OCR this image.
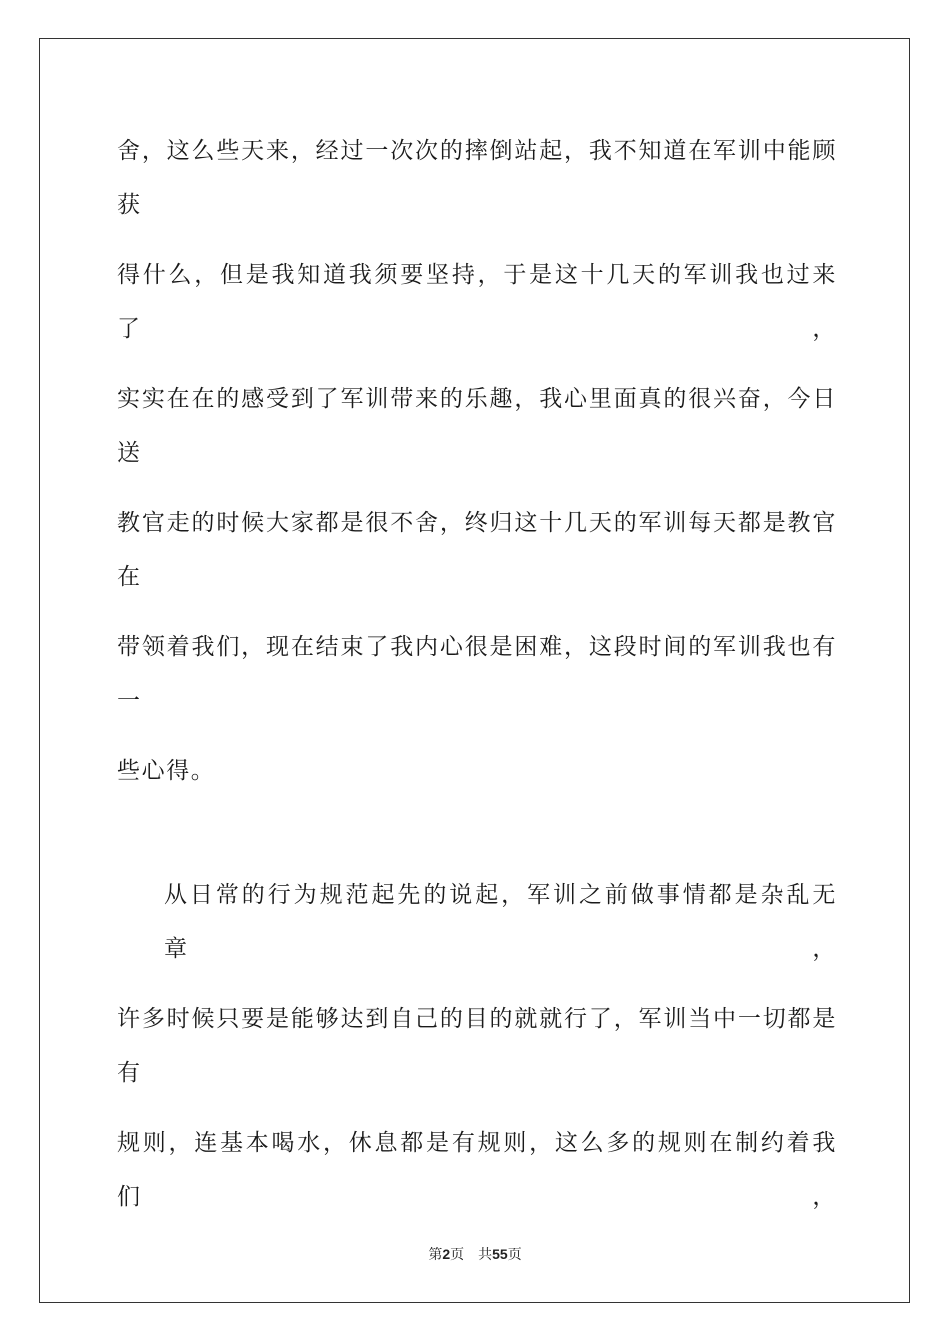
舍，这么些天来，经过一次次的摔倒站起，我不知道在军训中能顾获
得什么，但是我知道我须要坚持，于是这十几天的军训我也过来了，
实实在在的感受到了军训带来的乐趣，我心里面真的很兴奋，今日送
教官走的时候大家都是很不舍，终归这十几天的军训每天都是教官在
带领着我们，现在结束了我内心很是困难，这段时间的军训我也有一
些心得。
从日常的行为规范起先的说起，军训之前做事情都是杂乱无章，
许多时候只要是能够达到自己的目的就就行了，军训当中一切都是有
规则，连基本喝水，休息都是有规则，这么多的规则在制约着我们，
第2页 共55页
